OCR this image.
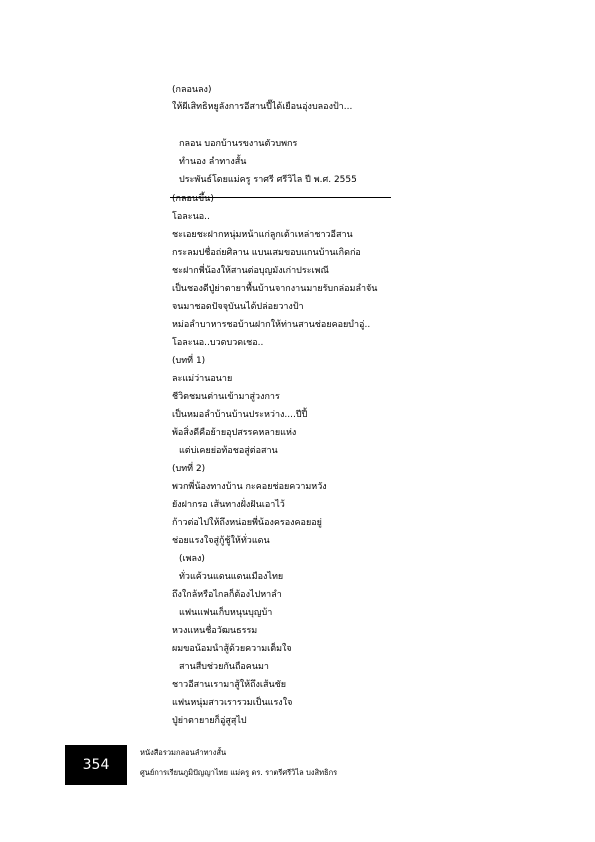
(กลอนลง)
ให้ผีเสิทธิหยูลังการอีสานปี๊ได้เยือนอุ่งบลองป้า...
กลอน บอกบ้านรขงานตัวบพกร
ทำนอง ลำทางสั้น
ประพันธ์โดยแม่ครู ราศรี ศรีวิไล ปี พ.ศ. 2555
(กลอนขึ้น)
โอละนอ..
ชะเอยชะฝากหนุ่มหน้าแก่ลูกเต้าเหล่าชาวอีสาน
กระลมปชื่อถ่ยศิลาน แบนเสมขอบแกนบ้านเกิดก่อ
ชะฝากพี่น้องให้สานต่อบุญมังเก่าประเพณี
เป็นชองดีปู่ย่าตายาพื้นบ้านจากงานมายรับกล่อมลำจัน
จนมาชอดปัจจุบันนได้ปล่อยวางป้า
หม่อลำบาหารชอบ้านฝากให้ท่านสานช่อยคอยบำอู่..
โอละนอ..บวดบวดเชอ..
(บทที่ 1)
ละแม่ว่านอนาย
ชีวิตชมนต่านเข้ามาสู่วงการ
เป็นหมอลำบ้านบ้านประหว่าง....ปีปี้
พ้อสิ่งดีคือย้ายอุปสรรคหลายแห่ง
แต่บ่เคยย่อท้อชอสู่ต่อสาน
(บทที่ 2)
พวกพี่น้องทางบ้าน กะคอยช่อยความหวัง
ยังฝากรอ เส้นทางฝั่งฝันเอาไว้
ก้าวต่อไปให้ถึงหน่อยพี่น้องครองคอยอยู่
ช่อยแรงใจสู่กู้ชู้ให้ทั่วแดน
(เพลง)
ทั่วแค้วนแดนแดนเมืองไทย
ถึงใกล้หรือไกลก็ต้องไปหาลำ
แฟนแฟนเก็บหนุนบุญบ้า
หวงแหนชื่อวัฒนธรรม
ผมขอน้อมนำสู้ด้วยความเต็มใจ
สานสืบช่วยกันถือคนมา
ชาวอีสานเรามาสู้ให้ถึงเส้นชัย
แฟนหนุ่มสาวเรารวมเป็นแรงใจ
ปู่ย่าตายายก็อู่สูสุไป
354
หนังสือรวมกลอนลำทางสั้น
ศูนย์การเรียนภูมิปัญญาไทย แม่ครู ดร. ราตรีศรีวิไล บงสิทธิกร
